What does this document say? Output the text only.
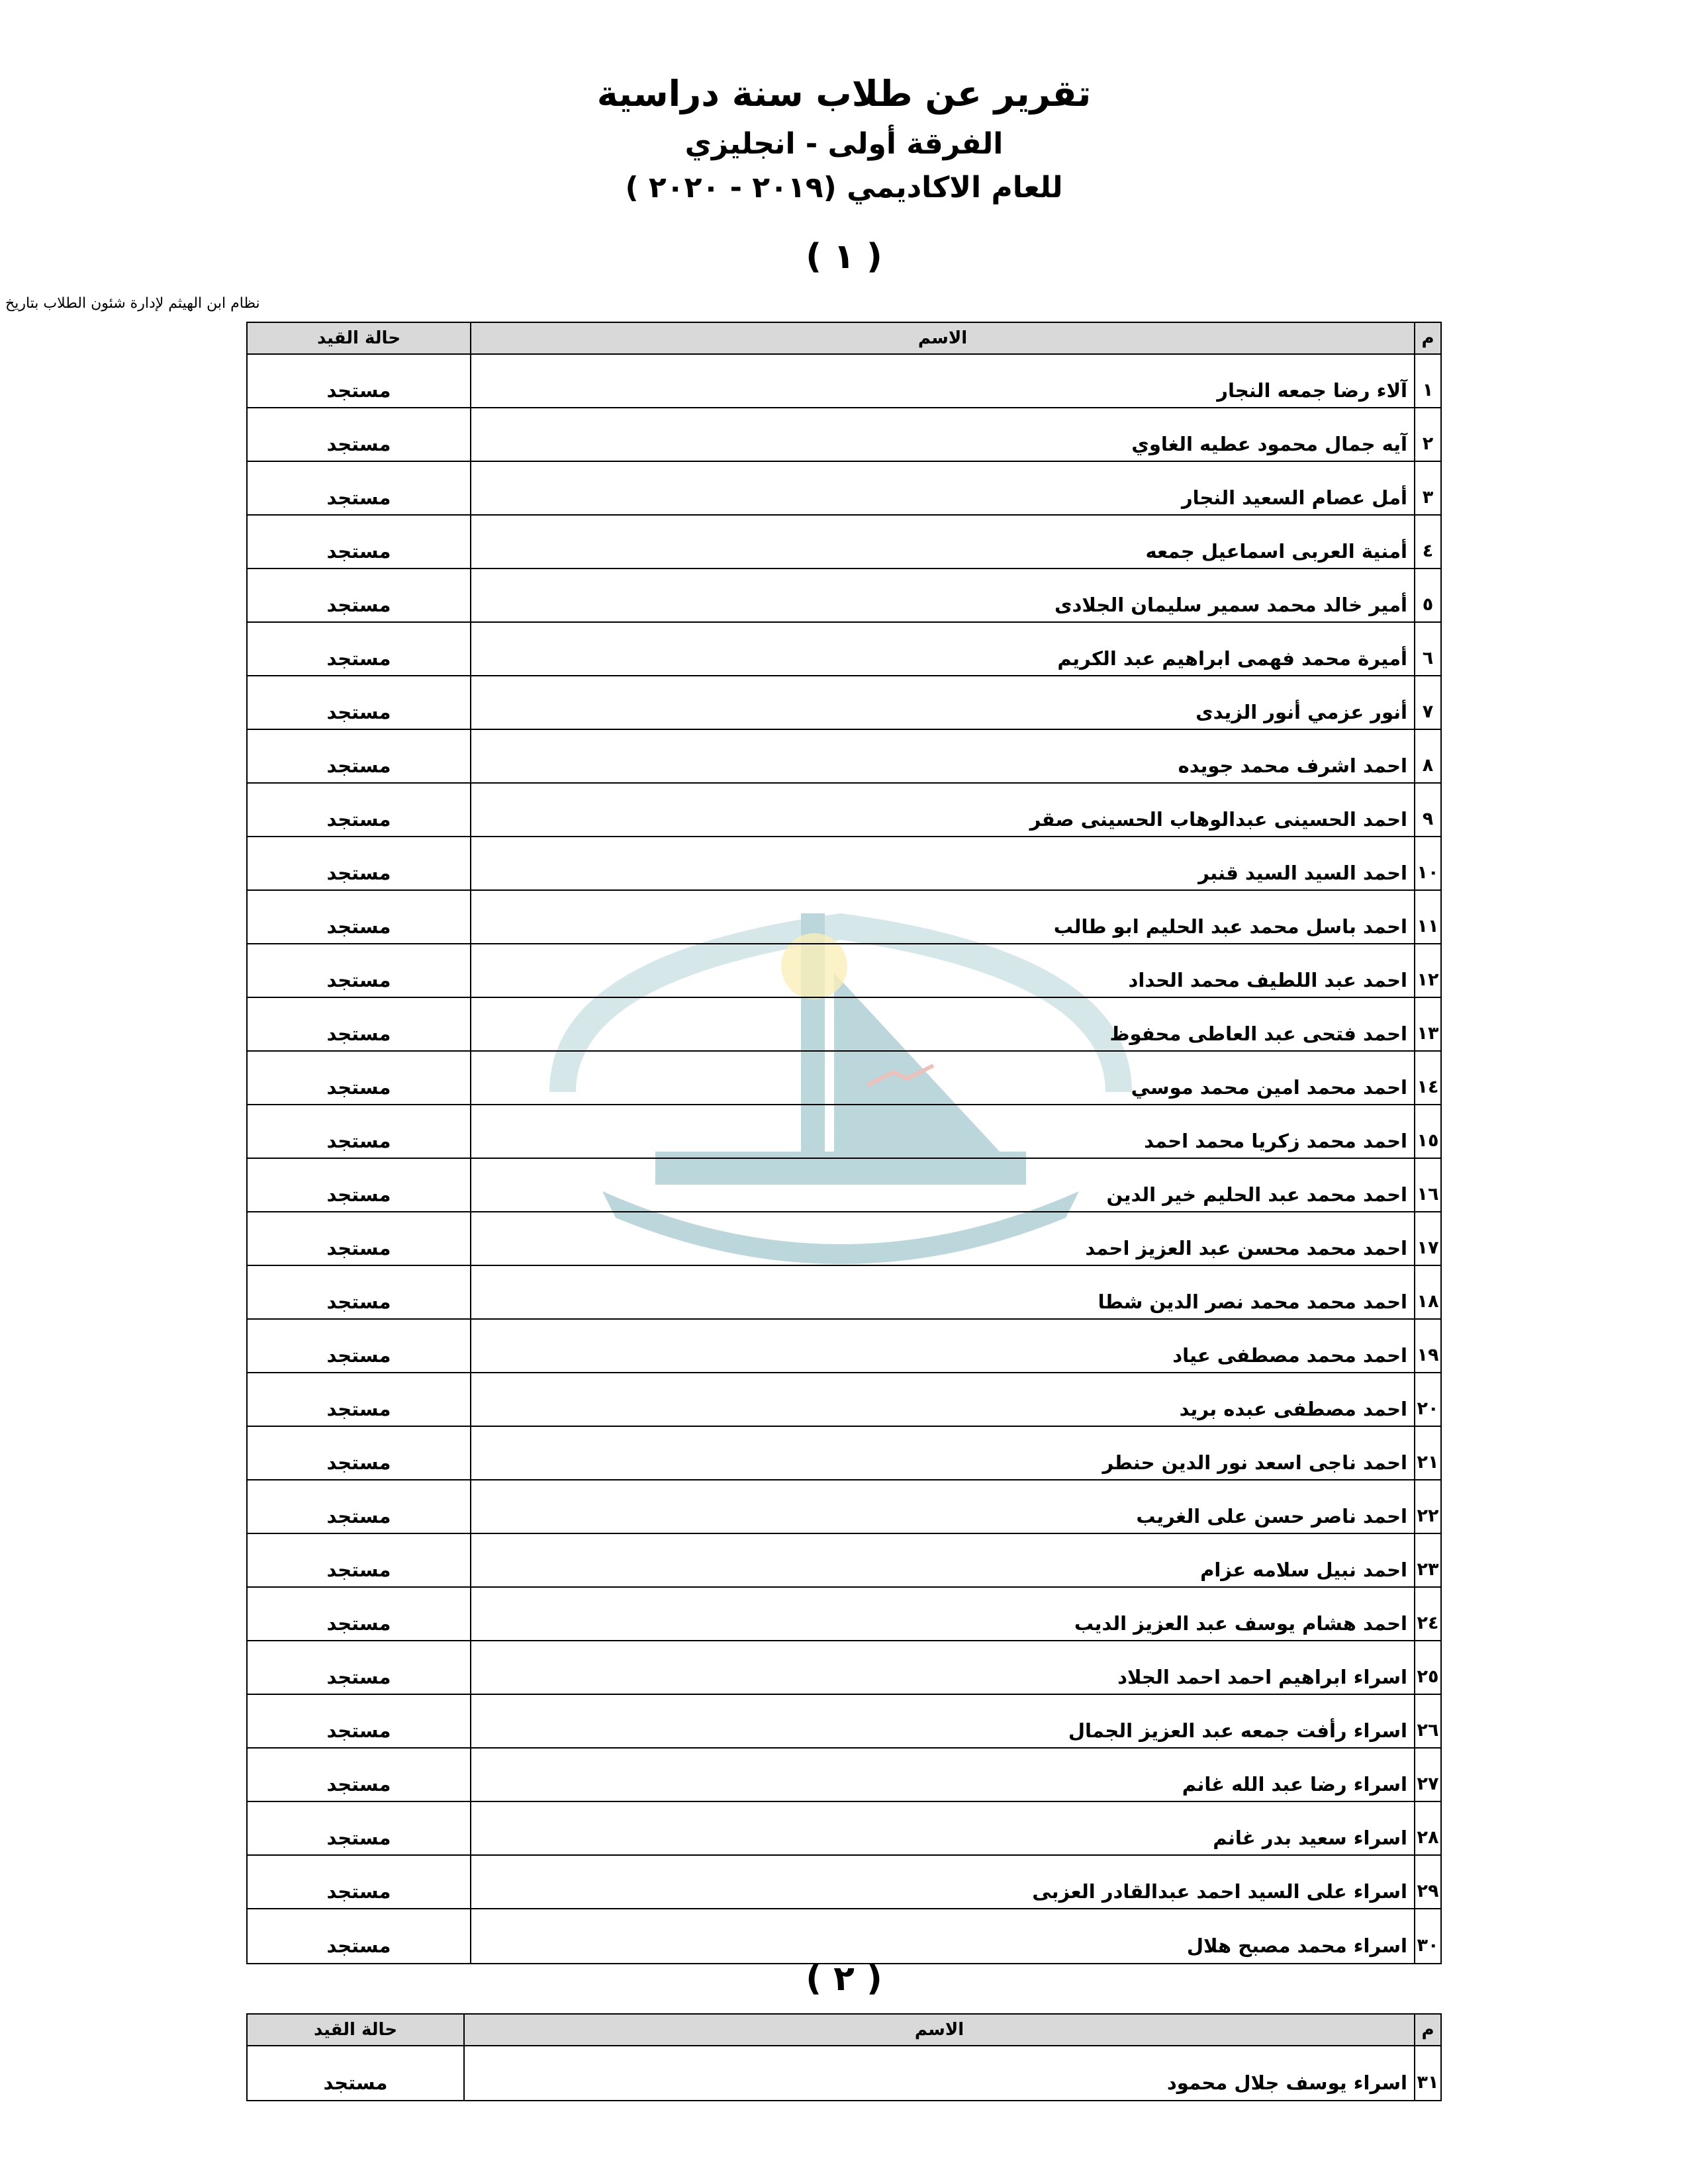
تقرير عن طلاب سنة دراسية
الفرقة أولى - انجليزي
للعام الاكاديمي (٢٠١٩ - ٢٠٢٠ )
( ١ )
نظام ابن الهيثم لإدارة شئون الطلاب بتاريخ
م
الاسم
حالة القيد
١
آلاء رضا جمعه النجار
مستجد
٢
آيه جمال محمود عطيه الغاوي
مستجد
٣
أمل عصام السعيد النجار
مستجد
٤
أمنية العربى اسماعيل جمعه
مستجد
٥
أمير خالد محمد سمير سليمان الجلادى
مستجد
٦
أميرة محمد فهمى ابراهيم عبد الكريم
مستجد
٧
أنور عزمي أنور الزيدى
مستجد
٨
احمد اشرف محمد جويده
مستجد
٩
احمد الحسينى عبدالوهاب الحسينى صقر
مستجد
١٠
احمد السيد السيد قنبر
مستجد
١١
احمد باسل محمد عبد الحليم ابو طالب
مستجد
١٢
احمد عبد اللطيف محمد الحداد
مستجد
١٣
احمد فتحى عبد العاطى محفوظ
مستجد
١٤
احمد محمد امين محمد موسي
مستجد
١٥
احمد محمد زكريا محمد احمد
مستجد
١٦
احمد محمد عبد الحليم خير الدين
مستجد
١٧
احمد محمد محسن عبد العزيز احمد
مستجد
١٨
احمد محمد محمد نصر الدين شطا
مستجد
١٩
احمد محمد مصطفى عياد
مستجد
٢٠
احمد مصطفى عبده بريد
مستجد
٢١
احمد ناجى اسعد نور الدين حنطر
مستجد
٢٢
احمد ناصر حسن على الغريب
مستجد
٢٣
احمد نبيل سلامه عزام
مستجد
٢٤
احمد هشام يوسف عبد العزيز الديب
مستجد
٢٥
اسراء ابراهيم احمد احمد الجلاد
مستجد
٢٦
اسراء رأفت جمعه عبد العزيز الجمال
مستجد
٢٧
اسراء رضا عبد الله غانم
مستجد
٢٨
اسراء سعيد بدر غانم
مستجد
٢٩
اسراء على السيد احمد عبدالقادر العزبى
مستجد
٣٠
اسراء محمد مصبح هلال
مستجد
( ٢ )
م
الاسم
حالة القيد
٣١
اسراء يوسف جلال محمود
مستجد
